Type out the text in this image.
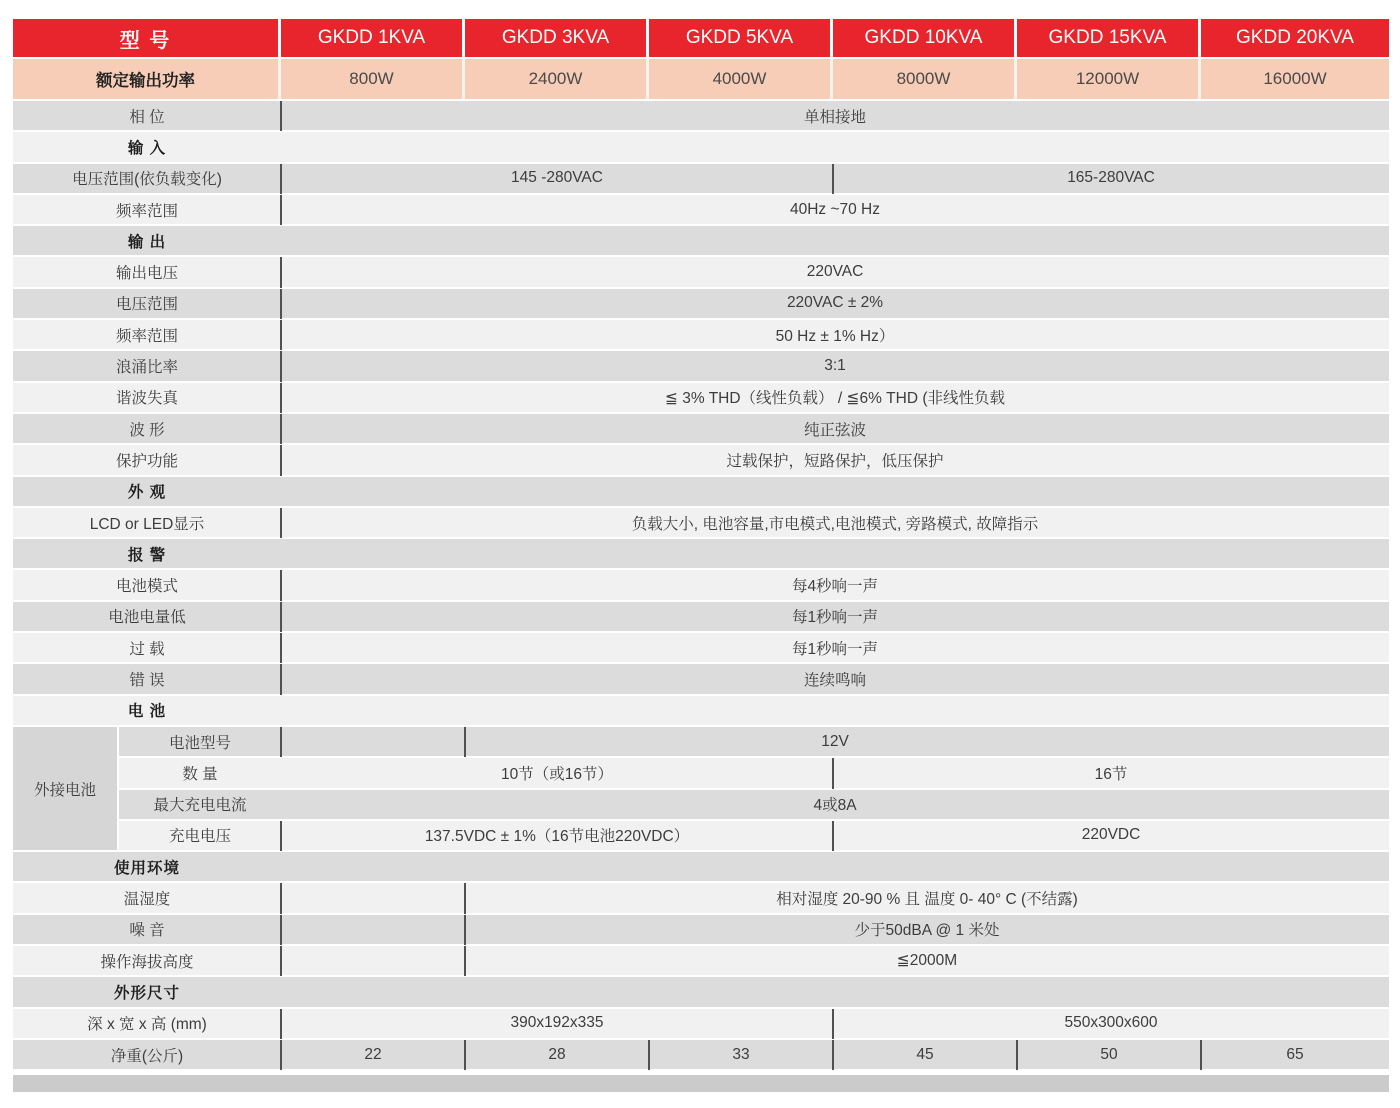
型 号	GKDD 1KVA	GKDD 3KVA	GKDD 5KVA	GKDD 10KVA	GKDD 15KVA	GKDD 20KVA
额定输出功率	800W	2400W	4000W	8000W	12000W	16000W
相 位	单相接地
输 入
电压范围(依负载变化)	145 -280VAC	165-280VAC
频率范围	40Hz ~70 Hz
输 出
输出电压	220VAC
电压范围	220VAC ± 2%
频率范围	50 Hz ± 1% Hz）
浪涌比率	3:1
谐波失真	≦ 3% THD（线性负载） / ≦6% THD (非线性负载
波 形	纯正弦波
保护功能	过载保护，短路保护，低压保护
外 观
LCD or LED显示	负载大小, 电池容量,市电模式,电池模式, 旁路模式, 故障指示
报 警
电池模式	每4秒响一声
电池电量低	每1秒响一声
过 载	每1秒响一声
错 误	连续鸣响
电 池
电池型号	12V
数 量	10节（或16节）	16节
最大充电电流	4或8A
充电电压	137.5VDC ± 1%（16节电池220VDC）	220VDC
使用环境
温湿度	相对湿度 20-90 % 且 温度 0- 40° C (不结露)
噪 音	少于50dBA @ 1 米处
操作海拔高度	≦2000M
外形尺寸
深 x 宽 x 高 (mm)	390x192x335	550x300x600
净重(公斤)	22	28	33	45	50	65
外接电池
